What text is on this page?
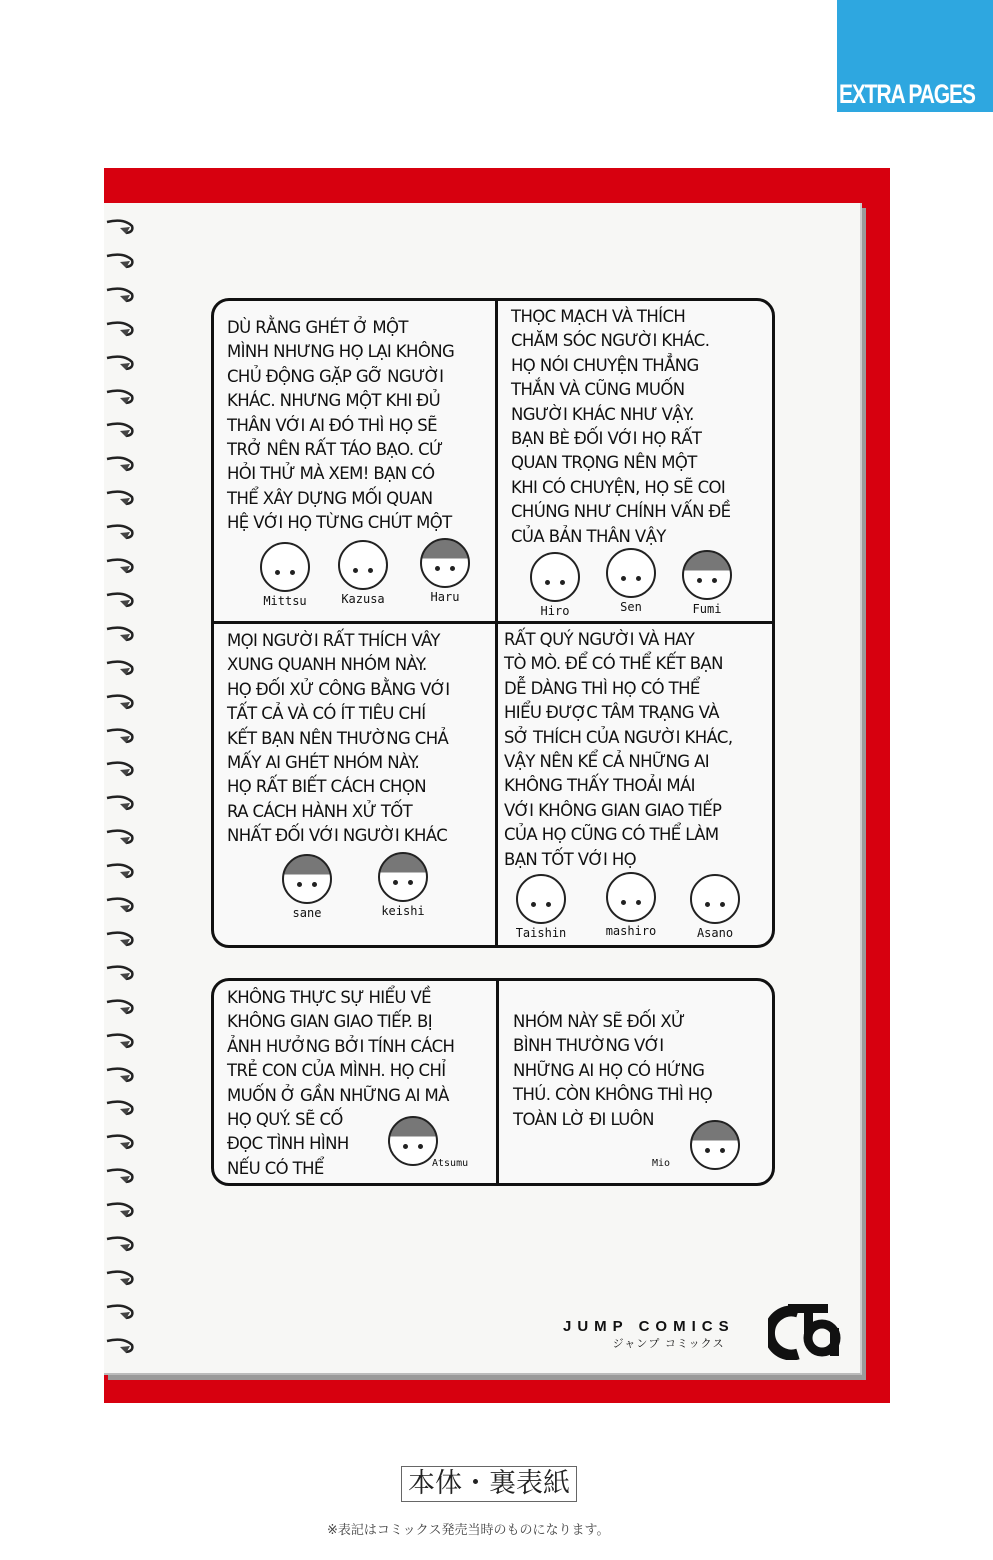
EXTRA PAGES
DÙ RẰNG GHÉT Ở MỘT
MÌNH NHƯNG HỌ LẠI KHÔNG
CHỦ ĐỘNG GẶP GỠ NGƯỜI
KHÁC. NHƯNG MỘT KHI ĐỦ
THÂN VỚI AI ĐÓ THÌ HỌ SẼ
TRỞ NÊN RẤT TÁO BẠO. CỨ
HỎI THỬ MÀ XEM! BẠN CÓ
THỂ XÂY DỰNG MỐI QUAN
HỆ VỚI HỌ TỪNG CHÚT MỘT
THỌC MẠCH VÀ THÍCH
CHĂM SÓC NGƯỜI KHÁC.
HỌ NÓI CHUYỆN THẲNG
THẮN VÀ CŨNG MUỐN
NGƯỜI KHÁC NHƯ VẬY.
BẠN BÈ ĐỐI VỚI HỌ RẤT
QUAN TRỌNG NÊN MỘT
KHI CÓ CHUYỆN, HỌ SẼ COI
CHÚNG NHƯ CHÍNH VẤN ĐỀ
CỦA BẢN THÂN VẬY
MỌI NGƯỜI RẤT THÍCH VÂY
XUNG QUANH NHÓM NÀY.
HỌ ĐỐI XỬ CÔNG BẰNG VỚI
TẤT CẢ VÀ CÓ ÍT TIÊU CHÍ
KẾT BẠN NÊN THƯỜNG CHẢ
MẤY AI GHÉT NHÓM NÀY.
HỌ RẤT BIẾT CÁCH CHỌN
RA CÁCH HÀNH XỬ TỐT
NHẤT ĐỐI VỚI NGƯỜI KHÁC
RẤT QUÝ NGƯỜI VÀ HAY
TÒ MÒ. ĐỂ CÓ THỂ KẾT BẠN
DỄ DÀNG THÌ HỌ CÓ THỂ
HIỂU ĐƯỢC TÂM TRẠNG VÀ
SỞ THÍCH CỦA NGƯỜI KHÁC,
VẬY NÊN KỂ CẢ NHỮNG AI
KHÔNG THẤY THOẢI MÁI
VỚI KHÔNG GIAN GIAO TIẾP
CỦA HỌ CŨNG CÓ THỂ LÀM
BẠN TỐT VỚI HỌ
KHÔNG THỰC SỰ HIỂU VỀ
KHÔNG GIAN GIAO TIẾP. BỊ
ẢNH HƯỞNG BỞI TÍNH CÁCH
TRẺ CON CỦA MÌNH. HỌ CHỈ
MUỐN Ở GẦN NHỮNG AI MÀ
HỌ QUÝ. SẼ CỐ
ĐỌC TÌNH HÌNH
NẾU CÓ THỂ
NHÓM NÀY SẼ ĐỐI XỬ
BÌNH THƯỜNG VỚI
NHỮNG AI HỌ CÓ HỨNG
THÚ. CÒN KHÔNG THÌ HỌ
TOÀN LỜ ĐI LUÔN
Mittsu	Kazusa	Haru
Hiro	Sen	Fumi
sane	keishi
Taishin	mashiro	Asano
Atsumu	Mio
JUMP COMICS
ジャンプ コミックス
本体・裏表紙
※表記はコミックス発売当時のものになります。
